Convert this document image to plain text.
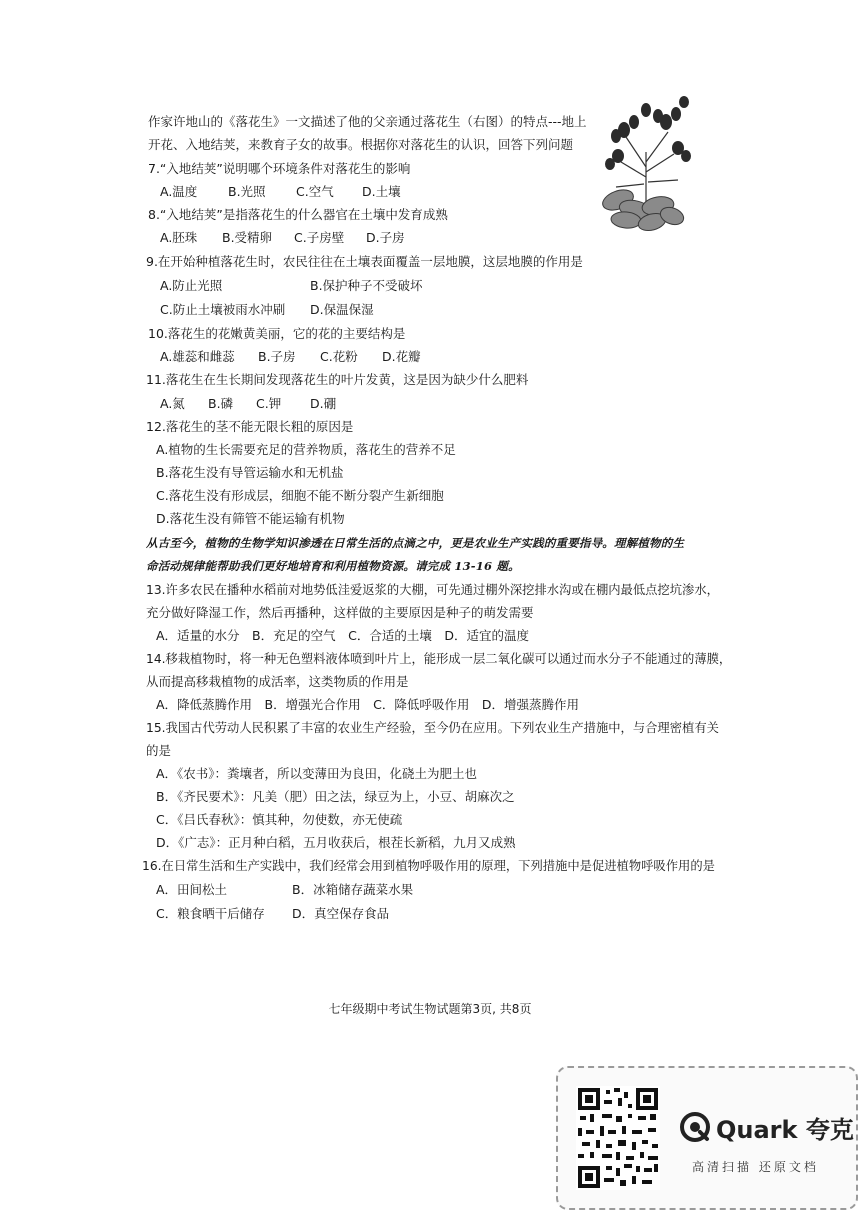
作家许地山的《落花生》一文描述了他的父亲通过落花生（右图）的特点---地上
开花、入地结荚，来教育子女的故事。根据你对落花生的认识，回答下列问题
7.“入地结荚”说明哪个环境条件对落花生的影响
A.温度 B.光照 C.空气 D.土壤
8.“入地结荚”是指落花生的什么器官在土壤中发育成熟
A.胚珠 B.受精卵 C.子房壁 D.子房
9.在开始种植落花生时，农民往往在土壤表面覆盖一层地膜，这层地膜的作用是
A.防止光照	B.保护种子不受破坏
C.防止土壤被雨水冲刷 D.保温保湿
10.落花生的花嫩黄美丽，它的花的主要结构是
A.雄蕊和雌蕊 B.子房 C.花粉 D.花瓣
11.落花生在生长期间发现落花生的叶片发黄，这是因为缺少什么肥料
A.氮 B.磷 C.钾 D.硼
12.落花生的茎不能无限长粗的原因是
A.植物的生长需要充足的营养物质，落花生的营养不足
B.落花生没有导管运输水和无机盐
C.落花生没有形成层，细胞不能不断分裂产生新细胞
D.落花生没有筛管不能运输有机物
从古至今，植物的生物学知识渗透在日常生活的点滴之中，更是农业生产实践的重要指导。理解植物的生
命活动规律能帮助我们更好地培育和利用植物资源。请完成 13-16 题。
13.许多农民在播种水稻前对地势低洼爱返浆的大棚，可先通过棚外深挖排水沟或在棚内最低点挖坑渗水，
充分做好降湿工作，然后再播种，这样做的主要原因是种子的萌发需要
A．适量的水分　B．充足的空气　C．合适的土壤　D．适宜的温度
14.移栽植物时，将一种无色塑料液体喷到叶片上，能形成一层二氧化碳可以通过而水分子不能通过的薄膜，
从而提高移栽植物的成活率，这类物质的作用是
A．降低蒸腾作用　B．增强光合作用　C．降低呼吸作用　D．增强蒸腾作用
15.我国古代劳动人民积累了丰富的农业生产经验，至今仍在应用。下列农业生产措施中，与合理密植有关
的是
A．《农书》：粪壤者，所以变薄田为良田，化硗土为肥土也
B．《齐民要术》：凡美（肥）田之法，绿豆为上，小豆、胡麻次之
C．《吕氏春秋》：慎其种，勿使数，亦无使疏
D．《广志》：正月种白稻，五月收获后，根茬长新稻，九月又成熟
16.在日常生活和生产实践中，我们经常会用到植物呼吸作用的原理，下列措施中是促进植物呼吸作用的是
A．田间松土	B．冰箱储存蔬菜水果
C．粮食晒干后储存 D．真空保存食品
七年级期中考试生物试题第3页, 共8页
Quark 夸克
高清扫描 还原文档
